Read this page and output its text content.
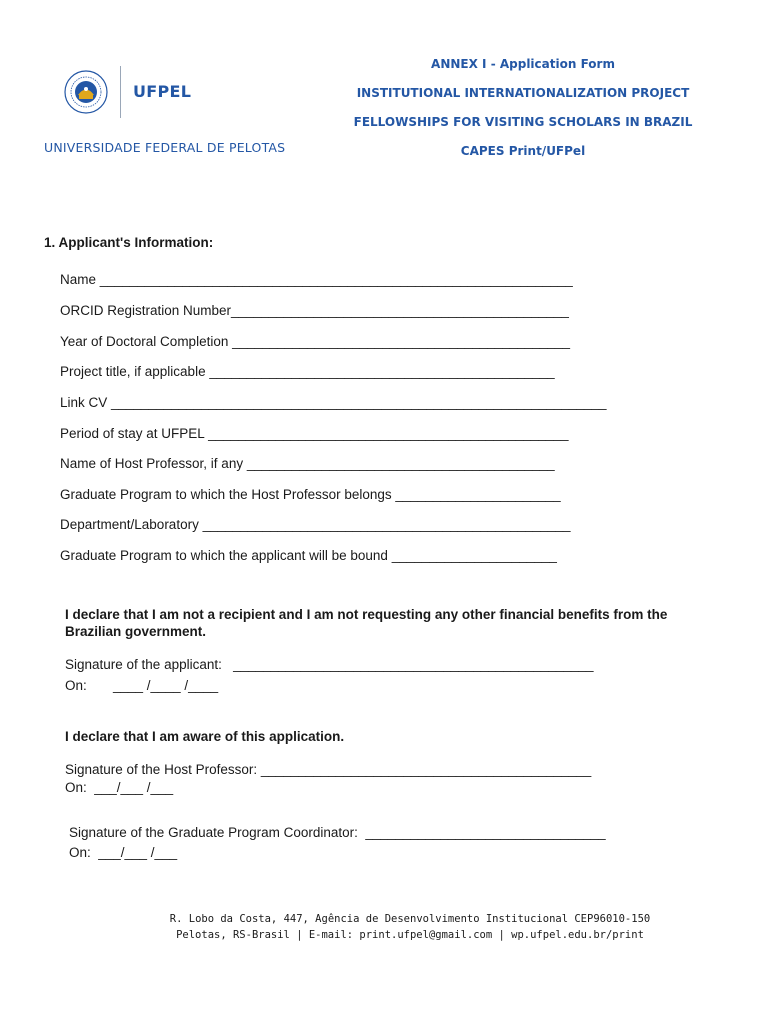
UFPEL
UNIVERSIDADE FEDERAL DE PELOTAS
ANNEX I - Application Form
INSTITUTIONAL INTERNATIONALIZATION PROJECT
FELLOWSHIPS FOR VISITING SCHOLARS IN BRAZIL
CAPES Print/UFPel
1. Applicant's Information:
Name _______________________________________________________________
ORCID Registration Number_____________________________________________
Year of Doctoral Completion _____________________________________________
Project title, if applicable ______________________________________________
Link CV __________________________________________________________________
Period of stay at UFPEL ________________________________________________
Name of Host Professor, if any _________________________________________
Graduate Program to which the Host Professor belongs ______________________
Department/Laboratory _________________________________________________
Graduate Program to which the applicant will be bound ______________________
I declare that I am not a recipient and I am not requesting any other financial benefits from the Brazilian government.
Signature of the applicant:   ________________________________________________
On:       ____ /____ /____
I declare that I am aware of this application.
Signature of the Host Professor: ____________________________________________
On:  ___/___ /___
Signature of the Graduate Program Coordinator:  ________________________________
On:  ___/___ /___
R. Lobo da Costa, 447, Agência de Desenvolvimento Institucional CEP96010-150
Pelotas, RS-Brasil | E-mail: print.ufpel@gmail.com | wp.ufpel.edu.br/print
